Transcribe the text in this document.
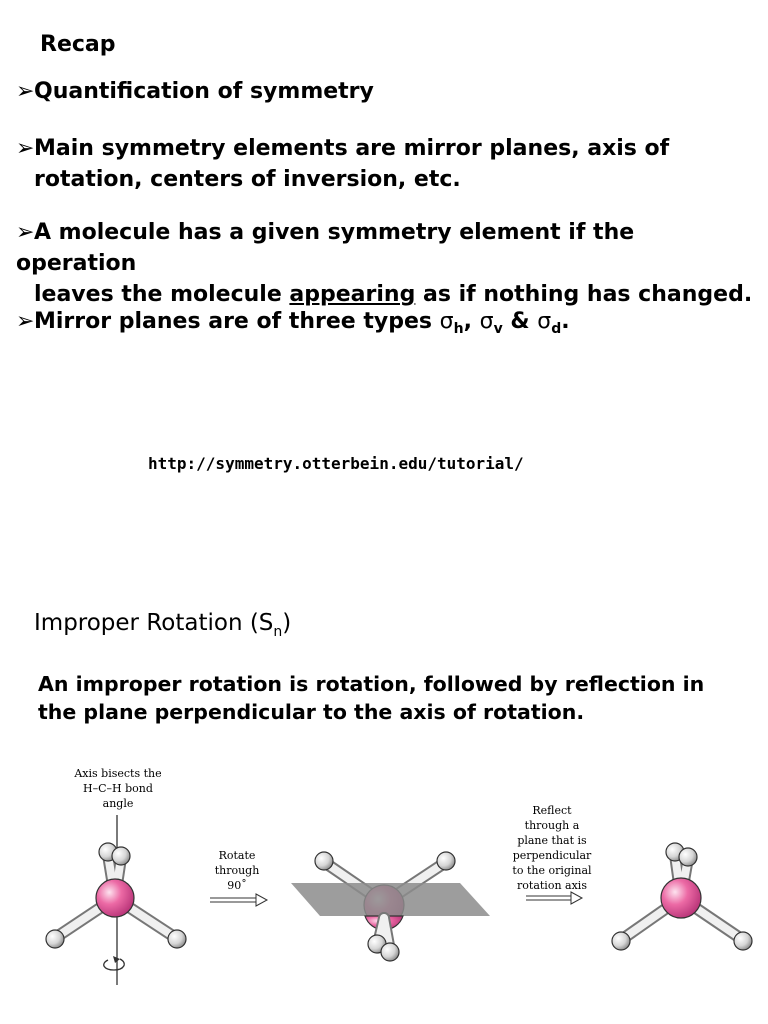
Recap
➢Quantification of symmetry
➢Main symmetry elements are mirror planes, axis of
rotation, centers of inversion, etc.
➢A molecule has a given symmetry element if the operation
leaves the molecule appearing as if nothing has changed.
➢Mirror planes are of three types $\sigma_h$, $\sigma_v$ & $\sigma_d$.
http://symmetry.otterbein.edu/tutorial/
Improper Rotation $(S_n)$
An improper rotation is rotation, followed by reflection in
the plane perpendicular to the axis of rotation.
Axis bisects the
H–C–H bond
angle
Rotate
through
90˚
Reflect
through a
plane that is
perpendicular
to the original
rotation axis
